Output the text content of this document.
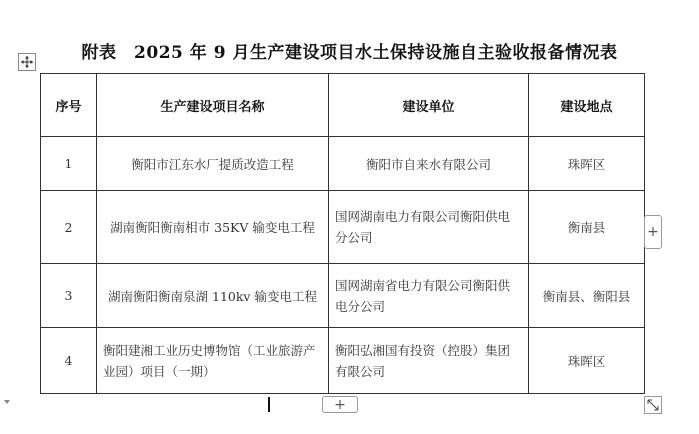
附表　2025 年 9 月生产建设项目水土保持设施自主验收报备情况表
序号	生产建设项目名称	建设单位	建设地点
1	衡阳市江东水厂提质改造工程	衡阳市自来水有限公司	珠晖区
2	湖南衡阳衡南相市 35KV 输变电工程	国网湖南电力有限公司衡阳供电分公司	衡南县
3	湖南衡阳衡南泉湖 110kv 输变电工程	国网湖南省电力有限公司衡阳供电分公司	衡南县、衡阳县
4	衡阳建湘工业历史博物馆（工业旅游产业园）项目（一期）	衡阳弘湘国有投资（控股）集团有限公司	珠晖区
+
+
